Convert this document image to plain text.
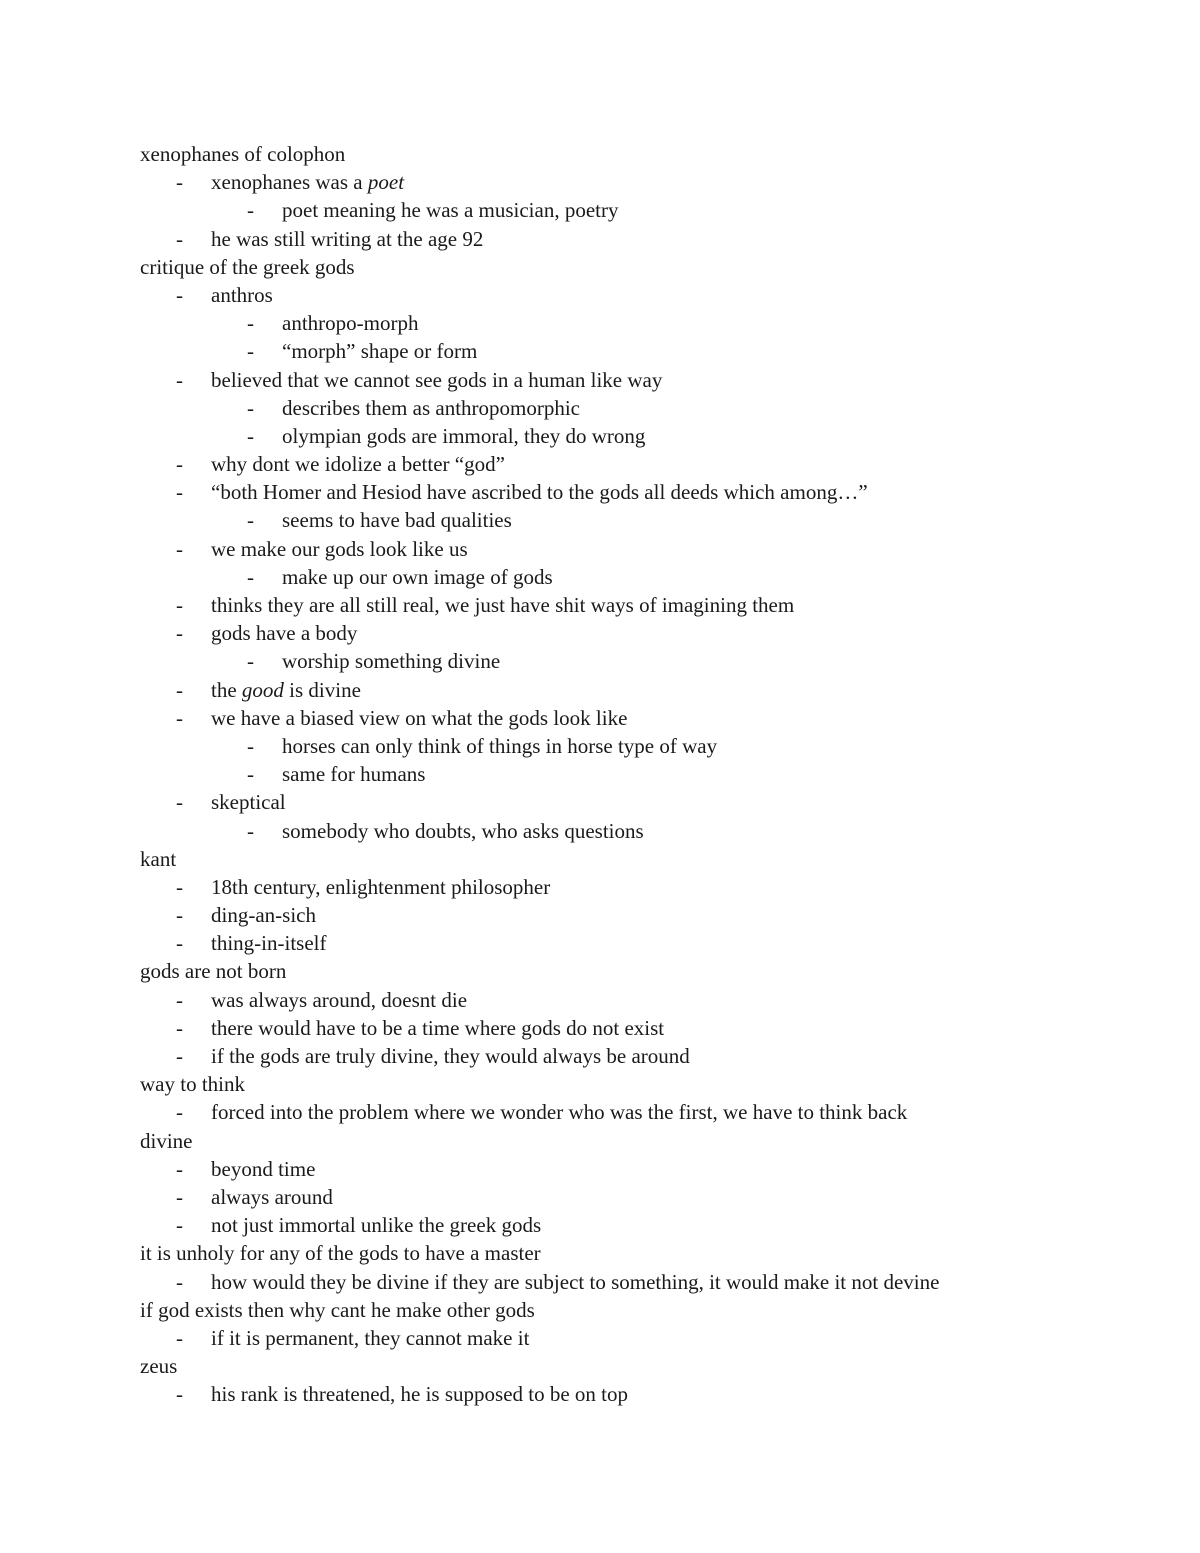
xenophanes of colophon
- xenophanes was a poet
- poet meaning he was a musician, poetry
- he was still writing at the age 92
critique of the greek gods
- anthros
- anthropo-morph
- “morph” shape or form
- believed that we cannot see gods in a human like way
- describes them as anthropomorphic
- olympian gods are immoral, they do wrong
- why dont we idolize a better “god”
- “both Homer and Hesiod have ascribed to the gods all deeds which among…”
- seems to have bad qualities
- we make our gods look like us
- make up our own image of gods
- thinks they are all still real, we just have shit ways of imagining them
- gods have a body
- worship something divine
- the good is divine
- we have a biased view on what the gods look like
- horses can only think of things in horse type of way
- same for humans
- skeptical
- somebody who doubts, who asks questions
kant
- 18th century, enlightenment philosopher
- ding-an-sich
- thing-in-itself
gods are not born
- was always around, doesnt die
- there would have to be a time where gods do not exist
- if the gods are truly divine, they would always be around
way to think
- forced into the problem where we wonder who was the first, we have to think back
divine
- beyond time
- always around
- not just immortal unlike the greek gods
it is unholy for any of the gods to have a master
- how would they be divine if they are subject to something, it would make it not devine
if god exists then why cant he make other gods
- if it is permanent, they cannot make it
zeus
- his rank is threatened, he is supposed to be on top
